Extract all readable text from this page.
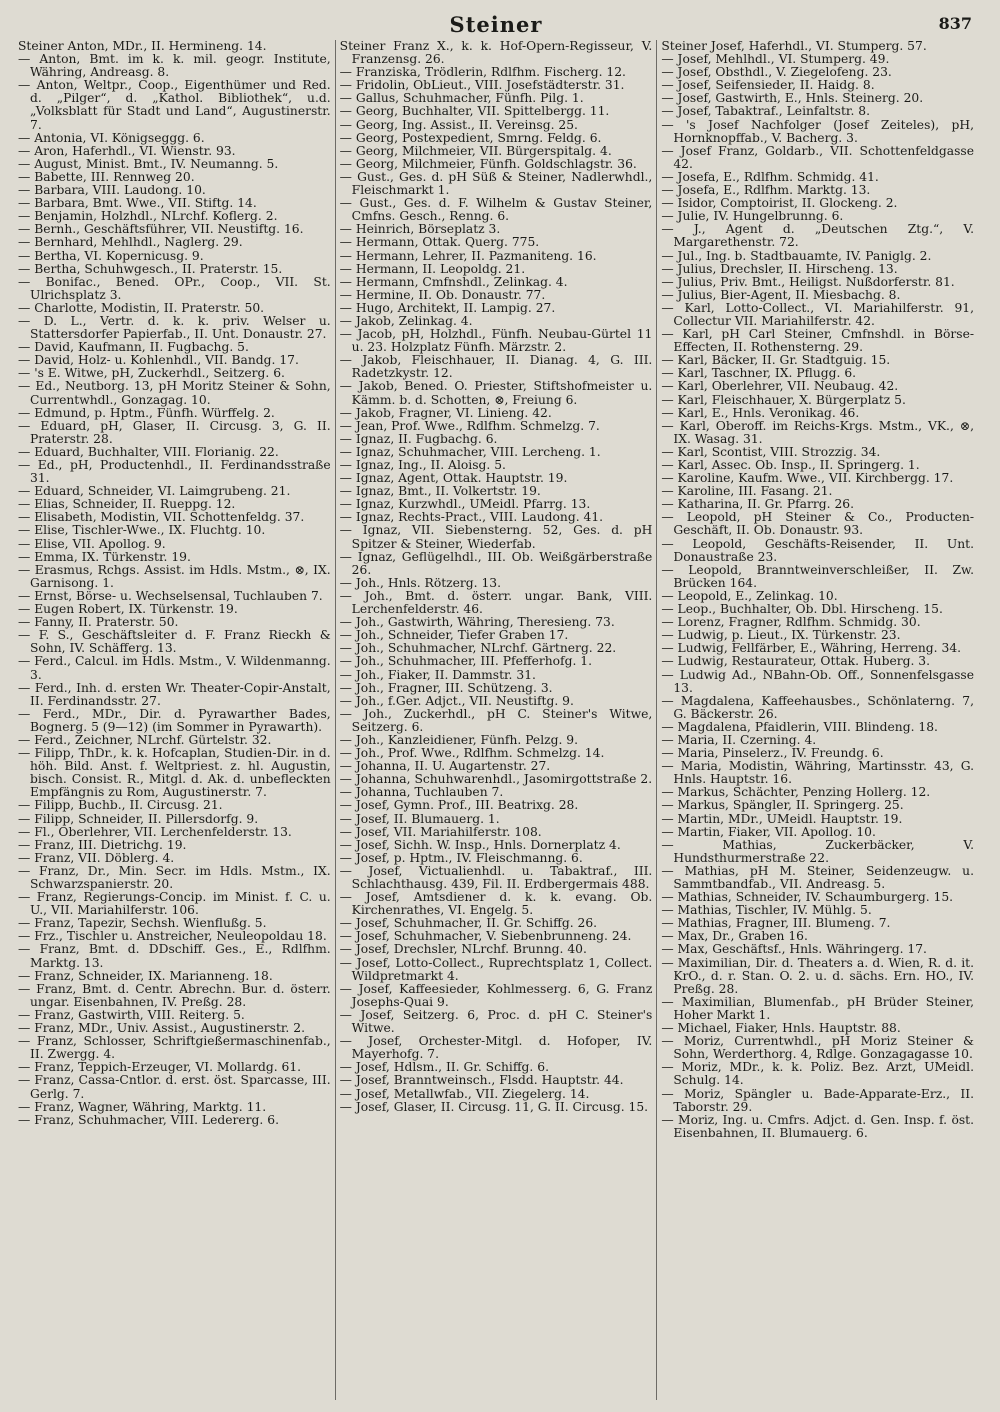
Steiner	837
Steiner Anton, MDr., II. Hermineng. 14.
— Anton, Bmt. im k. k. mil. geogr. Institute, Währing, Andreasg. 8.
— Anton, Weltpr., Coop., Eigenthümer und Red. d. „Pilger“, d. „Kathol. Bibliothek“, u.d. „Volksblatt für Stadt und Land“, Augustinerstr. 7.
— Antonia, VI. Königseggg. 6.
— Aron, Haferhdl., VI. Wienstr. 93.
— August, Minist. Bmt., IV. Neumanng. 5.
— Babette, III. Rennweg 20.
— Barbara, VIII. Laudong. 10.
— Barbara, Bmt. Wwe., VII. Stiftg. 14.
— Benjamin, Holzhdl., NLrchf. Koflerg. 2.
— Bernh., Geschäftsführer, VII. Neustiftg. 16.
— Bernhard, Mehlhdl., Naglerg. 29.
— Bertha, VI. Kopernicusg. 9.
— Bertha, Schuhwgesch., II. Praterstr. 15.
— Bonifac., Bened. OPr., Coop., VII. St. Ulrichsplatz 3.
— Charlotte, Modistin, II. Praterstr. 50.
— D. L., Vertr. d. k. k. priv. Welser u. Stattersdorfer Papierfab., II. Unt. Donaustr. 27.
— David, Kaufmann, II. Fugbachg. 5.
— David, Holz- u. Kohlenhdl., VII. Bandg. 17.
— 's E. Witwe, pH, Zuckerhdl., Seitzerg. 6.
— Ed., Neutborg. 13, pH Moritz Steiner & Sohn, Currentwhdl., Gonzagag. 10.
— Edmund, p. Hptm., Fünfh. Würffelg. 2.
— Eduard, pH, Glaser, II. Circusg. 3, G. II. Praterstr. 28.
— Eduard, Buchhalter, VIII. Florianig. 22.
— Ed., pH, Productenhdl., II. Ferdinandsstraße 31.
— Eduard, Schneider, VI. Laimgrubeng. 21.
— Elias, Schneider, II. Rueppg. 12.
— Elisabeth, Modistin, VII. Schottenfeldg. 37.
— Elise, Tischler-Wwe., IX. Fluchtg. 10.
— Elise, VII. Apollog. 9.
— Emma, IX. Türkenstr. 19.
— Erasmus, Rchgs. Assist. im Hdls. Mstm., ⊗, IX. Garnisong. 1.
— Ernst, Börse- u. Wechselsensal, Tuchlauben 7.
— Eugen Robert, IX. Türkenstr. 19.
— Fanny, II. Praterstr. 50.
— F. S., Geschäftsleiter d. F. Franz Rieckh & Sohn, IV. Schäfferg. 13.
— Ferd., Calcul. im Hdls. Mstm., V. Wildenmanng. 3.
— Ferd., Inh. d. ersten Wr. Theater-Copir-Anstalt, II. Ferdinandsstr. 27.
— Ferd., MDr., Dir. d. Pyrawarther Bades, Bognerg. 5 (9—12) (im Sommer in Pyrawarth).
— Ferd., Zeichner, NLrchf. Gürtelstr. 32.
— Filipp, ThDr., k. k. Hofcaplan, Studien-Dir. in d. höh. Bild. Anst. f. Weltpriest. z. hl. Augustin, bisch. Consist. R., Mitgl. d. Ak. d. unbefleckten Empfängnis zu Rom, Augustinerstr. 7.
— Filipp, Buchb., II. Circusg. 21.
— Filipp, Schneider, II. Pillersdorfg. 9.
— Fl., Oberlehrer, VII. Lerchenfelderstr. 13.
— Franz, III. Dietrichg. 19.
— Franz, VII. Döblerg. 4.
— Franz, Dr., Min. Secr. im Hdls. Mstm., IX. Schwarzspanierstr. 20.
— Franz, Regierungs-Concip. im Minist. f. C. u. U., VII. Mariahilferstr. 106.
— Franz, Tapezir, Sechsh. Wienflußg. 5.
— Frz., Tischler u. Anstreicher, Neuleopoldau 18.
— Franz, Bmt. d. DDschiff. Ges., E., Rdlfhm. Marktg. 13.
— Franz, Schneider, IX. Marianneng. 18.
— Franz, Bmt. d. Centr. Abrechn. Bur. d. österr. ungar. Eisenbahnen, IV. Preßg. 28.
— Franz, Gastwirth, VIII. Reiterg. 5.
— Franz, MDr., Univ. Assist., Augustinerstr. 2.
— Franz, Schlosser, Schriftgießermaschinenfab., II. Zwergg. 4.
— Franz, Teppich-Erzeuger, VI. Mollardg. 61.
— Franz, Cassa-Cntlor. d. erst. öst. Sparcasse, III. Gerlg. 7.
— Franz, Wagner, Währing, Marktg. 11.
— Franz, Schuhmacher, VIII. Ledererg. 6.
Steiner Franz X., k. k. Hof-Opern-Regisseur, V. Franzensg. 26.
— Franziska, Trödlerin, Rdlfhm. Fischerg. 12.
— Fridolin, ObLieut., VIII. Josefstädterstr. 31.
— Gallus, Schuhmacher, Fünfh. Pilg. 1.
— Georg, Buchhalter, VII. Spittelbergg. 11.
— Georg, Ing. Assist., II. Vereinsg. 25.
— Georg, Postexpedient, Smrng. Feldg. 6.
— Georg, Milchmeier, VII. Bürgerspitalg. 4.
— Georg, Milchmeier, Fünfh. Goldschlagstr. 36.
— Gust., Ges. d. pH Süß & Steiner, Nadlerwhdl., Fleischmarkt 1.
— Gust., Ges. d. F. Wilhelm & Gustav Steiner, Cmfns. Gesch., Renng. 6.
— Heinrich, Börseplatz 3.
— Hermann, Ottak. Querg. 775.
— Hermann, Lehrer, II. Pazmaniteng. 16.
— Hermann, II. Leopoldg. 21.
— Hermann, Cmfnshdl., Zelinkag. 4.
— Hermine, II. Ob. Donaustr. 77.
— Hugo, Architekt, II. Lampig. 27.
— Jakob, Zelinkag. 4.
— Jacob, pH, Holzhdl., Fünfh. Neubau-Gürtel 11 u. 23. Holzplatz Fünfh. Märzstr. 2.
— Jakob, Fleischhauer, II. Dianag. 4, G. III. Radetzkystr. 12.
— Jakob, Bened. O. Priester, Stiftshofmeister u. Kämm. b. d. Schotten, ⊗, Freiung 6.
— Jakob, Fragner, VI. Linieng. 42.
— Jean, Prof. Wwe., Rdlfhm. Schmelzg. 7.
— Ignaz, II. Fugbachg. 6.
— Ignaz, Schuhmacher, VIII. Lercheng. 1.
— Ignaz, Ing., II. Aloisg. 5.
— Ignaz, Agent, Ottak. Hauptstr. 19.
— Ignaz, Bmt., II. Volkertstr. 19.
— Ignaz, Kurzwhdl., UMeidl. Pfarrg. 13.
— Ignaz, Rechts-Pract., VIII. Laudong. 41.
— Ignaz, VII. Siebensterng. 52, Ges. d. pH Spitzer & Steiner, Wiederfab.
— Ignaz, Geflügelhdl., III. Ob. Weißgärberstraße 26.
— Joh., Hnls. Rötzerg. 13.
— Joh., Bmt. d. österr. ungar. Bank, VIII. Lerchenfelderstr. 46.
— Joh., Gastwirth, Währing, Theresieng. 73.
— Joh., Schneider, Tiefer Graben 17.
— Joh., Schuhmacher, NLrchf. Gärtnerg. 22.
— Joh., Schuhmacher, III. Pfefferhofg. 1.
— Joh., Fiaker, II. Dammstr. 31.
— Joh., Fragner, III. Schützeng. 3.
— Joh., f.Ger. Adjct., VII. Neustiftg. 9.
— Joh., Zuckerhdl., pH C. Steiner's Witwe, Seitzerg. 6.
— Joh., Kanzleidiener, Fünfh. Pelzg. 9.
— Joh., Prof. Wwe., Rdlfhm. Schmelzg. 14.
— Johanna, II. U. Augartenstr. 27.
— Johanna, Schuhwarenhdl., Jasomirgottstraße 2.
— Johanna, Tuchlauben 7.
— Josef, Gymn. Prof., III. Beatrixg. 28.
— Josef, II. Blumauerg. 1.
— Josef, VII. Mariahilferstr. 108.
— Josef, Sichh. W. Insp., Hnls. Dornerplatz 4.
— Josef, p. Hptm., IV. Fleischmanng. 6.
— Josef, Victualienhdl. u. Tabaktraf., III. Schlachthausg. 439, Fil. II. Erdbergermais 488.
— Josef, Amtsdiener d. k. k. evang. Ob. Kirchenrathes, VI. Engelg. 5.
— Josef, Schuhmacher, II. Gr. Schiffg. 26.
— Josef, Schuhmacher, V. Siebenbrunneng. 24.
— Josef, Drechsler, NLrchf. Brunng. 40.
— Josef, Lotto-Collect., Ruprechtsplatz 1, Collect. Wildpretmarkt 4.
— Josef, Kaffeesieder, Kohlmesserg. 6, G. Franz Josephs-Quai 9.
— Josef, Seitzerg. 6, Proc. d. pH C. Steiner's Witwe.
— Josef, Orchester-Mitgl. d. Hofoper, IV. Mayerhofg. 7.
— Josef, Hdlsm., II. Gr. Schiffg. 6.
— Josef, Branntweinsch., Flsdd. Hauptstr. 44.
— Josef, Metallwfab., VII. Ziegelerg. 14.
— Josef, Glaser, II. Circusg. 11, G. II. Circusg. 15.
Steiner Josef, Haferhdl., VI. Stumperg. 57.
— Josef, Mehlhdl., VI. Stumperg. 49.
— Josef, Obsthdl., V. Ziegelofeng. 23.
— Josef, Seifensieder, II. Haidg. 8.
— Josef, Gastwirth, E., Hnls. Steinerg. 20.
— Josef, Tabaktraf., Leinfaltstr. 8.
— 's Josef Nachfolger (Josef Zeiteles), pH, Hornknopffab., V. Bacherg. 3.
— Josef Franz, Goldarb., VII. Schottenfeldgasse 42.
— Josefa, E., Rdlfhm. Schmidg. 41.
— Josefa, E., Rdlfhm. Marktg. 13.
— Isidor, Comptoirist, II. Glockeng. 2.
— Julie, IV. Hungelbrunng. 6.
— J., Agent d. „Deutschen Ztg.“, V. Margarethenstr. 72.
— Jul., Ing. b. Stadtbauamte, IV. Paniglg. 2.
— Julius, Drechsler, II. Hirscheng. 13.
— Julius, Priv. Bmt., Heiligst. Nußdorferstr. 81.
— Julius, Bier-Agent, II. Miesbachg. 8.
— Karl, Lotto-Collect., VI. Mariahilferstr. 91, Collectur VII. Mariahilferstr. 42.
— Karl, pH Carl Steiner, Cmfnshdl. in Börse-Effecten, II. Rothensterng. 29.
— Karl, Bäcker, II. Gr. Stadtguig. 15.
— Karl, Taschner, IX. Pflugg. 6.
— Karl, Oberlehrer, VII. Neubaug. 42.
— Karl, Fleischhauer, X. Bürgerplatz 5.
— Karl, E., Hnls. Veronikag. 46.
— Karl, Oberoff. im Reichs-Krgs. Mstm., VK., ⊗, IX. Wasag. 31.
— Karl, Scontist, VIII. Strozzig. 34.
— Karl, Assec. Ob. Insp., II. Springerg. 1.
— Karoline, Kaufm. Wwe., VII. Kirchbergg. 17.
— Karoline, III. Fasang. 21.
— Katharina, II. Gr. Pfarrg. 26.
— Leopold, pH Steiner & Co., Producten-Geschäft, II. Ob. Donaustr. 93.
— Leopold, Geschäfts-Reisender, II. Unt. Donaustraße 23.
— Leopold, Branntweinverschleißer, II. Zw. Brücken 164.
— Leopold, E., Zelinkag. 10.
— Leop., Buchhalter, Ob. Dbl. Hirscheng. 15.
— Lorenz, Fragner, Rdlfhm. Schmidg. 30.
— Ludwig, p. Lieut., IX. Türkenstr. 23.
— Ludwig, Fellfärber, E., Währing, Herreng. 34.
— Ludwig, Restaurateur, Ottak. Huberg. 3.
— Ludwig Ad., NBahn-Ob. Off., Sonnenfelsgasse 13.
— Magdalena, Kaffeehausbes., Schönlaterng. 7, G. Bäckerstr. 26.
— Magdalena, Pfaidlerin, VIII. Blindeng. 18.
— Maria, II. Czerning. 4.
— Maria, Pinselerz., IV. Freundg. 6.
— Maria, Modistin, Währing, Martinsstr. 43, G. Hnls. Hauptstr. 16.
— Markus, Schächter, Penzing Hollerg. 12.
— Markus, Spängler, II. Springerg. 25.
— Martin, MDr., UMeidl. Hauptstr. 19.
— Martin, Fiaker, VII. Apollog. 10.
— Mathias, Zuckerbäcker, V. Hundsthurmerstraße 22.
— Mathias, pH M. Steiner, Seidenzeugw. u. Sammtbandfab., VII. Andreasg. 5.
— Mathias, Schneider, IV. Schaumburgerg. 15.
— Mathias, Tischler, IV. Mühlg. 5.
— Mathias, Fragner, III. Blumeng. 7.
— Max, Dr., Graben 16.
— Max, Geschäftsf., Hnls. Währingerg. 17.
— Maximilian, Dir. d. Theaters a. d. Wien, R. d. it. KrO., d. r. Stan. O. 2. u. d. sächs. Ern. HO., IV. Preßg. 28.
— Maximilian, Blumenfab., pH Brüder Steiner, Hoher Markt 1.
— Michael, Fiaker, Hnls. Hauptstr. 88.
— Moriz, Currentwhdl., pH Moriz Steiner & Sohn, Werderthorg. 4, Rdlge. Gonzagagasse 10.
— Moriz, MDr., k. k. Poliz. Bez. Arzt, UMeidl. Schulg. 14.
— Moriz, Spängler u. Bade-Apparate-Erz., II. Taborstr. 29.
— Moriz, Ing. u. Cmfrs. Adjct. d. Gen. Insp. f. öst. Eisenbahnen, II. Blumauerg. 6.
